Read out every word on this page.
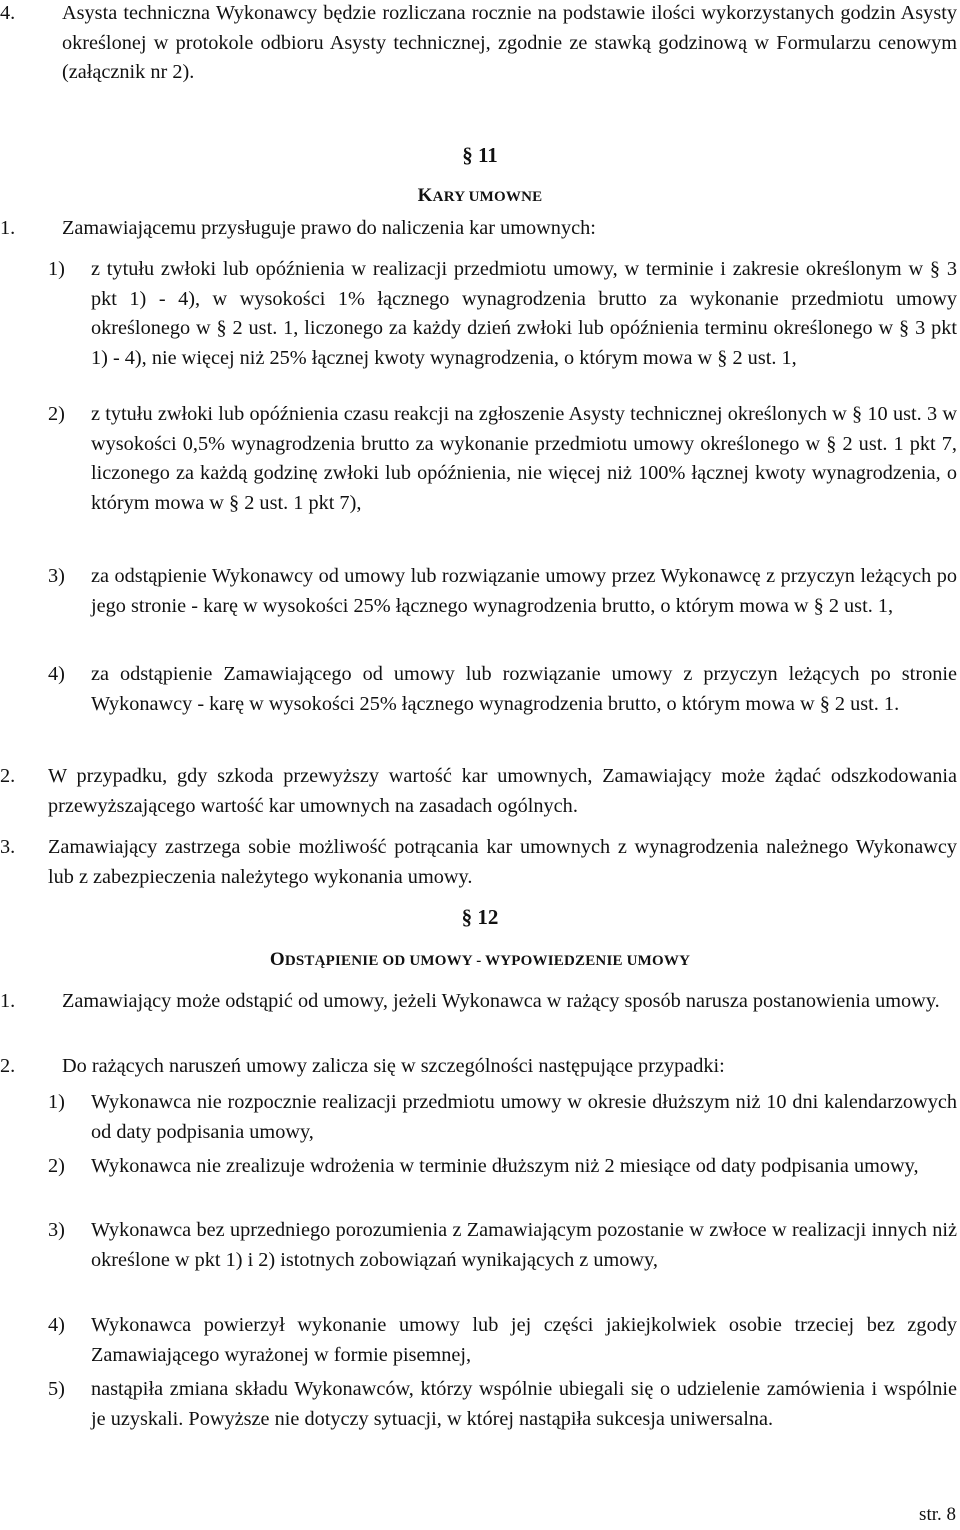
4. Asysta techniczna Wykonawcy będzie rozliczana rocznie na podstawie ilości wykorzystanych godzin Asysty określonej w protokole odbioru Asysty technicznej, zgodnie ze stawką godzinową w Formularzu cenowym (załącznik nr 2).

§ 11
KARY UMOWNE
1. Zamawiającemu przysługuje prawo do naliczenia kar umownych:

1) z tytułu zwłoki lub opóźnienia w realizacji przedmiotu umowy, w terminie i zakresie określonym w § 3 pkt 1) - 4), w wysokości 1% łącznego wynagrodzenia brutto za wykonanie przedmiotu umowy określonego w § 2 ust. 1, liczonego za każdy dzień zwłoki lub opóźnienia terminu określonego w § 3 pkt 1) - 4), nie więcej niż 25% łącznej kwoty wynagrodzenia, o którym mowa w § 2 ust. 1,

2) z tytułu zwłoki lub opóźnienia czasu reakcji na zgłoszenie Asysty technicznej określonych w § 10 ust. 3 w wysokości 0,5% wynagrodzenia brutto za wykonanie przedmiotu umowy określonego w § 2 ust. 1 pkt 7, liczonego za każdą godzinę zwłoki lub opóźnienia, nie więcej niż 100% łącznej kwoty wynagrodzenia, o którym mowa w § 2 ust. 1 pkt 7),

3) za odstąpienie Wykonawcy od umowy lub rozwiązanie umowy przez Wykonawcę z przyczyn leżących po jego stronie - karę w wysokości 25% łącznego wynagrodzenia brutto, o którym mowa w § 2 ust. 1,

4) za odstąpienie Zamawiającego od umowy lub rozwiązanie umowy z przyczyn leżących po stronie Wykonawcy - karę w wysokości 25% łącznego wynagrodzenia brutto, o którym mowa w § 2 ust. 1.

2. W przypadku, gdy szkoda przewyższy wartość kar umownych, Zamawiający może żądać odszkodowania przewyższającego wartość kar umownych na zasadach ogólnych.

3. Zamawiający zastrzega sobie możliwość potrącania kar umownych z wynagrodzenia należnego Wykonawcy lub z zabezpieczenia należytego wykonania umowy.

§ 12
ODSTĄPIENIE OD UMOWY - WYPOWIEDZENIE UMOWY
1. Zamawiający może odstąpić od umowy, jeżeli Wykonawca w rażący sposób narusza postanowienia umowy.

2. Do rażących naruszeń umowy zalicza się w szczególności następujące przypadki:

1) Wykonawca nie rozpocznie realizacji przedmiotu umowy w okresie dłuższym niż 10 dni kalendarzowych od daty podpisania umowy,

2) Wykonawca nie zrealizuje wdrożenia w terminie dłuższym niż 2 miesiące od daty podpisania umowy,

3) Wykonawca bez uprzedniego porozumienia z Zamawiającym pozostanie w zwłoce w realizacji innych niż określone w pkt 1) i 2) istotnych zobowiązań wynikających z umowy,

4) Wykonawca powierzył wykonanie umowy lub jej części jakiejkolwiek osobie trzeciej bez zgody Zamawiającego wyrażonej w formie pisemnej,

5) nastąpiła zmiana składu Wykonawców, którzy wspólnie ubiegali się o udzielenie zamówienia i wspólnie je uzyskali. Powyższe nie dotyczy sytuacji, w której nastąpiła sukcesja uniwersalna.

str. 8
